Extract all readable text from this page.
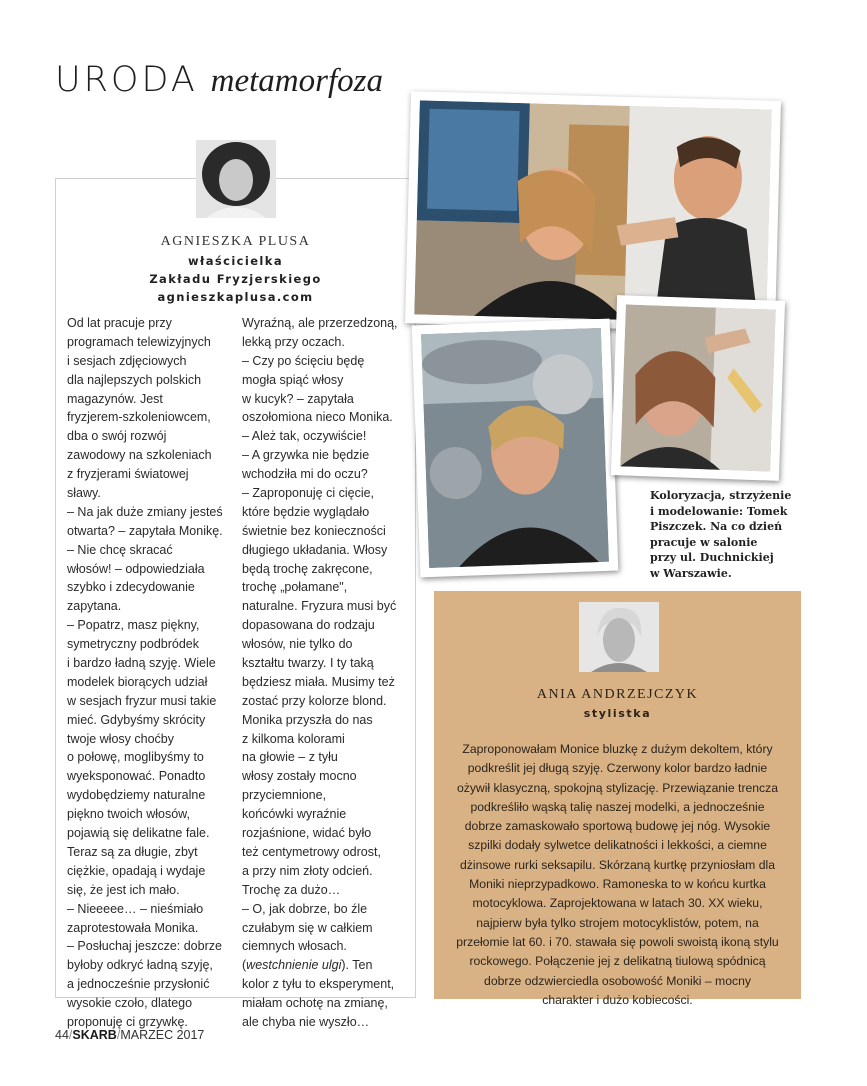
URODA metamorfoza
AGNIESZKA PLUSA
właścicielka
Zakładu Fryzjerskiego
agnieszkaplusa.com
Od lat pracuje przy
programach telewizyjnych
i sesjach zdjęciowych
dla najlepszych polskich
magazynów. Jest
fryzjerem-szkoleniowcem,
dba o swój rozwój
zawodowy na szkoleniach
z fryzjerami światowej
sławy.
– Na jak duże zmiany jesteś
otwarta? – zapytała Monikę.
– Nie chcę skracać
włosów! – odpowiedziała
szybko i zdecydowanie
zapytana.
– Popatrz, masz piękny,
symetryczny podbródek
i bardzo ładną szyję. Wiele
modelek biorących udział
w sesjach fryzur musi takie
mieć. Gdybyśmy skrócity
twoje włosy choćby
o połowę, moglibyśmy to
wyeksponować. Ponadto
wydobędziemy naturalne
piękno twoich włosów,
pojawią się delikatne fale.
Teraz są za długie, zbyt
ciężkie, opadają i wydaje
się, że jest ich mało.
– Nieeeee… – nieśmiało
zaprotestowała Monika.
– Posłuchaj jeszcze: dobrze
byłoby odkryć ładną szyję,
a jednocześnie przysłonić
wysokie czoło, dlatego
proponuję ci grzywkę.
Wyraźną, ale przerzedzoną,
lekką przy oczach.
– Czy po ścięciu będę
mogła spiąć włosy
w kucyk? – zapytała
oszołomiona nieco Monika.
– Ależ tak, oczywiście!
– A grzywka nie będzie
wchodziła mi do oczu?
– Zaproponuję ci cięcie,
które będzie wyglądało
świetnie bez konieczności
długiego układania. Włosy
będą trochę zakręcone,
trochę „połamane",
naturalne. Fryzura musi być
dopasowana do rodzaju
włosów, nie tylko do
kształtu twarzy. I ty taką
będziesz miała. Musimy też
zostać przy kolorze blond.
Monika przyszła do nas
z kilkoma kolorami
na głowie – z tyłu
włosy zostały mocno
przyciemnione,
końcówki wyraźnie
rozjaśnione, widać było
też centymetrowy odrost,
a przy nim złoty odcień.
Trochę za dużo…
– O, jak dobrze, bo źle
czułabym się w całkiem
ciemnych włosach.
(westchnienie ulgi). Ten
kolor z tyłu to eksperyment,
miałam ochotę na zmianę,
ale chyba nie wyszło…
Koloryzacja, strzyżenie
i modelowanie: Tomek
Piszczek. Na co dzień
pracuje w salonie
przy ul. Duchnickiej
w Warszawie.
ANIA ANDRZEJCZYK
stylistka
Zaproponowałam Monice bluzkę z dużym dekoltem, który
podkreślit jej długą szyję. Czerwony kolor bardzo ładnie
ożywił klasyczną, spokojną stylizację. Przewiązanie trencza
podkreśliło wąską talię naszej modelki, a jednocześnie
dobrze zamaskowało sportową budowę jej nóg. Wysokie
szpilki dodały sylwetce delikatności i lekkości, a ciemne
dżinsowe rurki seksapilu. Skórzaną kurtkę przyniosłam dla
Moniki nieprzypadkowo. Ramoneska to w końcu kurtka
motocyklowa. Zaprojektowana w latach 30. XX wieku,
najpierw była tylko strojem motocyklistów, potem, na
przełomie lat 60. i 70. stawała się powoli swoistą ikoną stylu
rockowego. Połączenie jej z delikatną tiulową spódnicą
dobrze odzwierciedla osobowość Moniki – mocny
charakter i dużo kobiecości.
44/SKARB/MARZEC 2017
